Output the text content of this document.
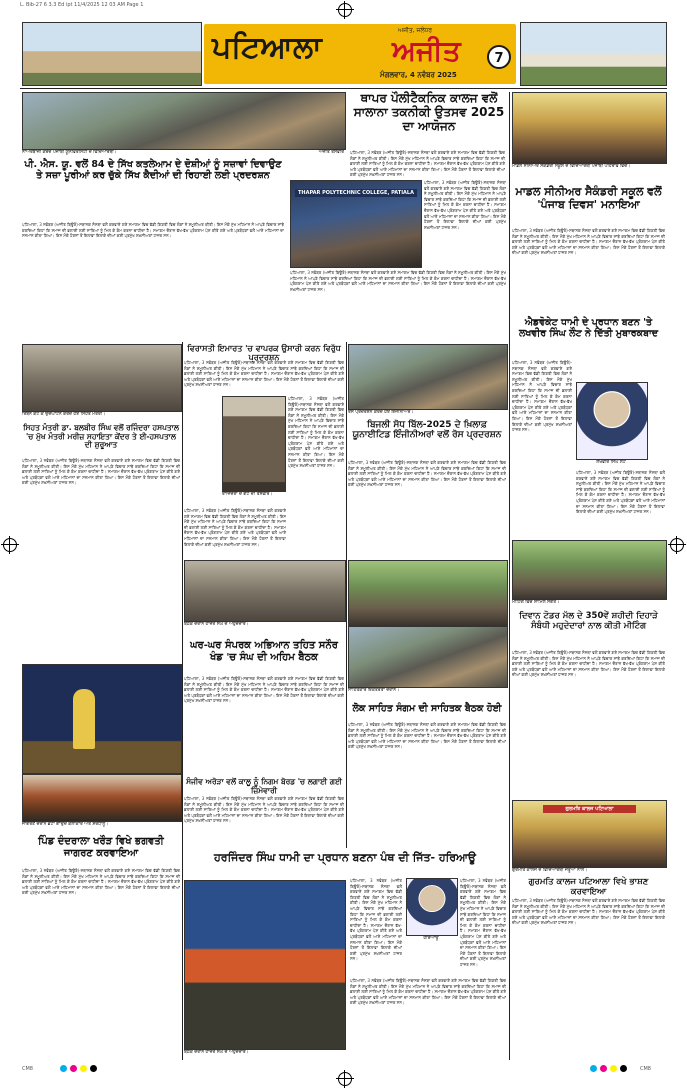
L. Bib-27 6 3.3 Ed ipt 11/4/2025 12 03 AM Page 1
ਪਟਿਆਲਾ	ਅਜੀਤ, ਜਲੰਧਰ
ਅਜੀਤ
ਮੰਗਲਵਾਰ, 4 ਨਵੰਬਰ 2025
7
ਨਾਅਰੇਬਾਜ਼ੀ ਕਰਦੇ ਪੰਜਾਬੀ ਯੂਨੀਵਰਸਿਟੀ ਦੇ ਵਿਦਿਆਰਥੀ।	ਅਜੀਤ ਤਸਵੀਰ
ਥਾਪਰ ਪੌਲੀਟੈਕਨਿਕ ਕਾਲਜ ਵਲੋਂ ਸਾਲਾਨਾ ਤਕਨੀਕੀ ਉਤਸਵ 2025 ਦਾ ਆਯੋਜਨ
ਪਟਿਆਲਾ, 3 ਨਵੰਬਰ (ਅਜੀਤ ਬਿਊਰੋ)-ਸਥਾਨਕ ਸੰਸਥਾ ਵਲੋਂ ਕਰਵਾਏ ਗਏ ਸਮਾਗਮ ਵਿਚ ਵੱਡੀ ਗਿਣਤੀ ਵਿਚ ਲੋਕਾਂ ਨੇ ਸ਼ਮੂਲੀਅਤ ਕੀਤੀ। ਇਸ ਮੌਕੇ ਮੁੱਖ ਮਹਿਮਾਨ ਨੇ ਆਪਣੇ ਵਿਚਾਰ ਸਾਂਝੇ ਕਰਦਿਆਂ ਕਿਹਾ ਕਿ ਸਮਾਜ ਦੀ ਭਲਾਈ ਲਈ ਸਾਰਿਆਂ ਨੂੰ ਮਿਲ ਕੇ ਕੰਮ ਕਰਨਾ ਚਾਹੀਦਾ ਹੈ। ਸਮਾਗਮ ਦੌਰਾਨ ਵੱਖ-ਵੱਖ ਪ੍ਰੋਗਰਾਮ ਪੇਸ਼ ਕੀਤੇ ਗਏ ਅਤੇ ਪ੍ਰਬੰਧਕਾਂ ਵਲੋਂ ਆਏ ਮਹਿਮਾਨਾਂ ਦਾ ਸਨਮਾਨ ਕੀਤਾ ਗਿਆ। ਇਸ ਮੌਕੇ ਹੋਰਨਾਂ ਤੋਂ ਇਲਾਵਾ ਇਲਾਕੇ ਦੀਆਂ ਕਈ ਪ੍ਰਮੁੱਖ ਸ਼ਖ਼ਸੀਅਤਾਂ ਹਾਜ਼ਰ ਸਨ।
THAPAR POLYTECHNIC COLLEGE, PATIALA
ਪਟਿਆਲਾ, 3 ਨਵੰਬਰ (ਅਜੀਤ ਬਿਊਰੋ)-ਸਥਾਨਕ ਸੰਸਥਾ ਵਲੋਂ ਕਰਵਾਏ ਗਏ ਸਮਾਗਮ ਵਿਚ ਵੱਡੀ ਗਿਣਤੀ ਵਿਚ ਲੋਕਾਂ ਨੇ ਸ਼ਮੂਲੀਅਤ ਕੀਤੀ। ਇਸ ਮੌਕੇ ਮੁੱਖ ਮਹਿਮਾਨ ਨੇ ਆਪਣੇ ਵਿਚਾਰ ਸਾਂਝੇ ਕਰਦਿਆਂ ਕਿਹਾ ਕਿ ਸਮਾਜ ਦੀ ਭਲਾਈ ਲਈ ਸਾਰਿਆਂ ਨੂੰ ਮਿਲ ਕੇ ਕੰਮ ਕਰਨਾ ਚਾਹੀਦਾ ਹੈ। ਸਮਾਗਮ ਦੌਰਾਨ ਵੱਖ-ਵੱਖ ਪ੍ਰੋਗਰਾਮ ਪੇਸ਼ ਕੀਤੇ ਗਏ ਅਤੇ ਪ੍ਰਬੰਧਕਾਂ ਵਲੋਂ ਆਏ ਮਹਿਮਾਨਾਂ ਦਾ ਸਨਮਾਨ ਕੀਤਾ ਗਿਆ। ਇਸ ਮੌਕੇ ਹੋਰਨਾਂ ਤੋਂ ਇਲਾਵਾ ਇਲਾਕੇ ਦੀਆਂ ਕਈ ਪ੍ਰਮੁੱਖ ਸ਼ਖ਼ਸੀਅਤਾਂ ਹਾਜ਼ਰ ਸਨ।
ਪਟਿਆਲਾ, 3 ਨਵੰਬਰ (ਅਜੀਤ ਬਿਊਰੋ)-ਸਥਾਨਕ ਸੰਸਥਾ ਵਲੋਂ ਕਰਵਾਏ ਗਏ ਸਮਾਗਮ ਵਿਚ ਵੱਡੀ ਗਿਣਤੀ ਵਿਚ ਲੋਕਾਂ ਨੇ ਸ਼ਮੂਲੀਅਤ ਕੀਤੀ। ਇਸ ਮੌਕੇ ਮੁੱਖ ਮਹਿਮਾਨ ਨੇ ਆਪਣੇ ਵਿਚਾਰ ਸਾਂਝੇ ਕਰਦਿਆਂ ਕਿਹਾ ਕਿ ਸਮਾਜ ਦੀ ਭਲਾਈ ਲਈ ਸਾਰਿਆਂ ਨੂੰ ਮਿਲ ਕੇ ਕੰਮ ਕਰਨਾ ਚਾਹੀਦਾ ਹੈ। ਸਮਾਗਮ ਦੌਰਾਨ ਵੱਖ-ਵੱਖ ਪ੍ਰੋਗਰਾਮ ਪੇਸ਼ ਕੀਤੇ ਗਏ ਅਤੇ ਪ੍ਰਬੰਧਕਾਂ ਵਲੋਂ ਆਏ ਮਹਿਮਾਨਾਂ ਦਾ ਸਨਮਾਨ ਕੀਤਾ ਗਿਆ। ਇਸ ਮੌਕੇ ਹੋਰਨਾਂ ਤੋਂ ਇਲਾਵਾ ਇਲਾਕੇ ਦੀਆਂ ਕਈ ਪ੍ਰਮੁੱਖ ਸ਼ਖ਼ਸੀਅਤਾਂ ਹਾਜ਼ਰ ਸਨ।
ਮਾਡਲ ਸੀਨੀਅਰ ਸੈਕੰਡਰੀ ਸਕੂਲ ਦੇ ਵਿਦਿਆਰਥੀ ਪੰਜਾਬੀ ਪਹਿਰਾਵੇ ਵਿਚ।
ਮਾਡਲ ਸੀਨੀਅਰ ਸੈਕੰਡਰੀ ਸਕੂਲ ਵਲੋਂ 'ਪੰਜਾਬ ਦਿਵਸ' ਮਨਾਇਆ
ਪਟਿਆਲਾ, 3 ਨਵੰਬਰ (ਅਜੀਤ ਬਿਊਰੋ)-ਸਥਾਨਕ ਸੰਸਥਾ ਵਲੋਂ ਕਰਵਾਏ ਗਏ ਸਮਾਗਮ ਵਿਚ ਵੱਡੀ ਗਿਣਤੀ ਵਿਚ ਲੋਕਾਂ ਨੇ ਸ਼ਮੂਲੀਅਤ ਕੀਤੀ। ਇਸ ਮੌਕੇ ਮੁੱਖ ਮਹਿਮਾਨ ਨੇ ਆਪਣੇ ਵਿਚਾਰ ਸਾਂਝੇ ਕਰਦਿਆਂ ਕਿਹਾ ਕਿ ਸਮਾਜ ਦੀ ਭਲਾਈ ਲਈ ਸਾਰਿਆਂ ਨੂੰ ਮਿਲ ਕੇ ਕੰਮ ਕਰਨਾ ਚਾਹੀਦਾ ਹੈ। ਸਮਾਗਮ ਦੌਰਾਨ ਵੱਖ-ਵੱਖ ਪ੍ਰੋਗਰਾਮ ਪੇਸ਼ ਕੀਤੇ ਗਏ ਅਤੇ ਪ੍ਰਬੰਧਕਾਂ ਵਲੋਂ ਆਏ ਮਹਿਮਾਨਾਂ ਦਾ ਸਨਮਾਨ ਕੀਤਾ ਗਿਆ। ਇਸ ਮੌਕੇ ਹੋਰਨਾਂ ਤੋਂ ਇਲਾਵਾ ਇਲਾਕੇ ਦੀਆਂ ਕਈ ਪ੍ਰਮੁੱਖ ਸ਼ਖ਼ਸੀਅਤਾਂ ਹਾਜ਼ਰ ਸਨ।
ਪੀ. ਐਸ. ਯੂ. ਵਲੋਂ 84 ਦੇ ਸਿੱਖ ਕਤਲੇਆਮ ਦੇ ਦੋਸ਼ੀਆਂ ਨੂੰ ਸਜ਼ਾਵਾਂ ਦਿਵਾਉਣ ਤੇ ਸਜ਼ਾ ਪੂਰੀਆਂ ਕਰ ਚੁੱਕੇ ਸਿੱਖ ਕੈਦੀਆਂ ਦੀ ਰਿਹਾਈ ਲਈ ਪ੍ਰਦਰਸ਼ਨ
ਪਟਿਆਲਾ, 3 ਨਵੰਬਰ (ਅਜੀਤ ਬਿਊਰੋ)-ਸਥਾਨਕ ਸੰਸਥਾ ਵਲੋਂ ਕਰਵਾਏ ਗਏ ਸਮਾਗਮ ਵਿਚ ਵੱਡੀ ਗਿਣਤੀ ਵਿਚ ਲੋਕਾਂ ਨੇ ਸ਼ਮੂਲੀਅਤ ਕੀਤੀ। ਇਸ ਮੌਕੇ ਮੁੱਖ ਮਹਿਮਾਨ ਨੇ ਆਪਣੇ ਵਿਚਾਰ ਸਾਂਝੇ ਕਰਦਿਆਂ ਕਿਹਾ ਕਿ ਸਮਾਜ ਦੀ ਭਲਾਈ ਲਈ ਸਾਰਿਆਂ ਨੂੰ ਮਿਲ ਕੇ ਕੰਮ ਕਰਨਾ ਚਾਹੀਦਾ ਹੈ। ਸਮਾਗਮ ਦੌਰਾਨ ਵੱਖ-ਵੱਖ ਪ੍ਰੋਗਰਾਮ ਪੇਸ਼ ਕੀਤੇ ਗਏ ਅਤੇ ਪ੍ਰਬੰਧਕਾਂ ਵਲੋਂ ਆਏ ਮਹਿਮਾਨਾਂ ਦਾ ਸਨਮਾਨ ਕੀਤਾ ਗਿਆ। ਇਸ ਮੌਕੇ ਹੋਰਨਾਂ ਤੋਂ ਇਲਾਵਾ ਇਲਾਕੇ ਦੀਆਂ ਕਈ ਪ੍ਰਮੁੱਖ ਸ਼ਖ਼ਸੀਅਤਾਂ ਹਾਜ਼ਰ ਸਨ।
ਰਿਬਨ ਕੱਟ ਕੇ ਉਦਘਾਟਨ ਕਰਦੇ ਹੋਏ ਸਿਹਤ ਮੰਤਰੀ।
ਸਿਹਤ ਮੰਤਰੀ ਡਾ. ਬਲਬੀਰ ਸਿੰਘ ਵਲੋਂ ਰਜਿੰਦਰਾ ਹਸਪਤਾਲ 'ਚ ਮੁੱਖ ਮੰਤਰੀ ਮਰੀਜ਼ ਸਹਾਇਤਾ ਕੇਂਦਰ ਤੇ ਈ-ਹਸਪਤਾਲ ਦੀ ਸ਼ੁਰੂਆਤ
ਪਟਿਆਲਾ, 3 ਨਵੰਬਰ (ਅਜੀਤ ਬਿਊਰੋ)-ਸਥਾਨਕ ਸੰਸਥਾ ਵਲੋਂ ਕਰਵਾਏ ਗਏ ਸਮਾਗਮ ਵਿਚ ਵੱਡੀ ਗਿਣਤੀ ਵਿਚ ਲੋਕਾਂ ਨੇ ਸ਼ਮੂਲੀਅਤ ਕੀਤੀ। ਇਸ ਮੌਕੇ ਮੁੱਖ ਮਹਿਮਾਨ ਨੇ ਆਪਣੇ ਵਿਚਾਰ ਸਾਂਝੇ ਕਰਦਿਆਂ ਕਿਹਾ ਕਿ ਸਮਾਜ ਦੀ ਭਲਾਈ ਲਈ ਸਾਰਿਆਂ ਨੂੰ ਮਿਲ ਕੇ ਕੰਮ ਕਰਨਾ ਚਾਹੀਦਾ ਹੈ। ਸਮਾਗਮ ਦੌਰਾਨ ਵੱਖ-ਵੱਖ ਪ੍ਰੋਗਰਾਮ ਪੇਸ਼ ਕੀਤੇ ਗਏ ਅਤੇ ਪ੍ਰਬੰਧਕਾਂ ਵਲੋਂ ਆਏ ਮਹਿਮਾਨਾਂ ਦਾ ਸਨਮਾਨ ਕੀਤਾ ਗਿਆ। ਇਸ ਮੌਕੇ ਹੋਰਨਾਂ ਤੋਂ ਇਲਾਵਾ ਇਲਾਕੇ ਦੀਆਂ ਕਈ ਪ੍ਰਮੁੱਖ ਸ਼ਖ਼ਸੀਅਤਾਂ ਹਾਜ਼ਰ ਸਨ।
ਵਿਰਾਸਤੀ ਇਮਾਰਤ 'ਚ ਵਾਪਰਕ ਉਸਾਰੀ ਕਰਨ ਵਿਰੁੱਧ ਪ੍ਰਦਰਸ਼ਨ
ਪਟਿਆਲਾ, 3 ਨਵੰਬਰ (ਅਜੀਤ ਬਿਊਰੋ)-ਸਥਾਨਕ ਸੰਸਥਾ ਵਲੋਂ ਕਰਵਾਏ ਗਏ ਸਮਾਗਮ ਵਿਚ ਵੱਡੀ ਗਿਣਤੀ ਵਿਚ ਲੋਕਾਂ ਨੇ ਸ਼ਮੂਲੀਅਤ ਕੀਤੀ। ਇਸ ਮੌਕੇ ਮੁੱਖ ਮਹਿਮਾਨ ਨੇ ਆਪਣੇ ਵਿਚਾਰ ਸਾਂਝੇ ਕਰਦਿਆਂ ਕਿਹਾ ਕਿ ਸਮਾਜ ਦੀ ਭਲਾਈ ਲਈ ਸਾਰਿਆਂ ਨੂੰ ਮਿਲ ਕੇ ਕੰਮ ਕਰਨਾ ਚਾਹੀਦਾ ਹੈ। ਸਮਾਗਮ ਦੌਰਾਨ ਵੱਖ-ਵੱਖ ਪ੍ਰੋਗਰਾਮ ਪੇਸ਼ ਕੀਤੇ ਗਏ ਅਤੇ ਪ੍ਰਬੰਧਕਾਂ ਵਲੋਂ ਆਏ ਮਹਿਮਾਨਾਂ ਦਾ ਸਨਮਾਨ ਕੀਤਾ ਗਿਆ। ਇਸ ਮੌਕੇ ਹੋਰਨਾਂ ਤੋਂ ਇਲਾਵਾ ਇਲਾਕੇ ਦੀਆਂ ਕਈ ਪ੍ਰਮੁੱਖ ਸ਼ਖ਼ਸੀਅਤਾਂ ਹਾਜ਼ਰ ਸਨ।
ਰਾਜਿੰਦਰਾ ਦੇ ਗੇਟ ਦੀ ਤਸਵੀਰ।
ਪਟਿਆਲਾ, 3 ਨਵੰਬਰ (ਅਜੀਤ ਬਿਊਰੋ)-ਸਥਾਨਕ ਸੰਸਥਾ ਵਲੋਂ ਕਰਵਾਏ ਗਏ ਸਮਾਗਮ ਵਿਚ ਵੱਡੀ ਗਿਣਤੀ ਵਿਚ ਲੋਕਾਂ ਨੇ ਸ਼ਮੂਲੀਅਤ ਕੀਤੀ। ਇਸ ਮੌਕੇ ਮੁੱਖ ਮਹਿਮਾਨ ਨੇ ਆਪਣੇ ਵਿਚਾਰ ਸਾਂਝੇ ਕਰਦਿਆਂ ਕਿਹਾ ਕਿ ਸਮਾਜ ਦੀ ਭਲਾਈ ਲਈ ਸਾਰਿਆਂ ਨੂੰ ਮਿਲ ਕੇ ਕੰਮ ਕਰਨਾ ਚਾਹੀਦਾ ਹੈ। ਸਮਾਗਮ ਦੌਰਾਨ ਵੱਖ-ਵੱਖ ਪ੍ਰੋਗਰਾਮ ਪੇਸ਼ ਕੀਤੇ ਗਏ ਅਤੇ ਪ੍ਰਬੰਧਕਾਂ ਵਲੋਂ ਆਏ ਮਹਿਮਾਨਾਂ ਦਾ ਸਨਮਾਨ ਕੀਤਾ ਗਿਆ। ਇਸ ਮੌਕੇ ਹੋਰਨਾਂ ਤੋਂ ਇਲਾਵਾ ਇਲਾਕੇ ਦੀਆਂ ਕਈ ਪ੍ਰਮੁੱਖ ਸ਼ਖ਼ਸੀਅਤਾਂ ਹਾਜ਼ਰ ਸਨ।
ਪਟਿਆਲਾ, 3 ਨਵੰਬਰ (ਅਜੀਤ ਬਿਊਰੋ)-ਸਥਾਨਕ ਸੰਸਥਾ ਵਲੋਂ ਕਰਵਾਏ ਗਏ ਸਮਾਗਮ ਵਿਚ ਵੱਡੀ ਗਿਣਤੀ ਵਿਚ ਲੋਕਾਂ ਨੇ ਸ਼ਮੂਲੀਅਤ ਕੀਤੀ। ਇਸ ਮੌਕੇ ਮੁੱਖ ਮਹਿਮਾਨ ਨੇ ਆਪਣੇ ਵਿਚਾਰ ਸਾਂਝੇ ਕਰਦਿਆਂ ਕਿਹਾ ਕਿ ਸਮਾਜ ਦੀ ਭਲਾਈ ਲਈ ਸਾਰਿਆਂ ਨੂੰ ਮਿਲ ਕੇ ਕੰਮ ਕਰਨਾ ਚਾਹੀਦਾ ਹੈ। ਸਮਾਗਮ ਦੌਰਾਨ ਵੱਖ-ਵੱਖ ਪ੍ਰੋਗਰਾਮ ਪੇਸ਼ ਕੀਤੇ ਗਏ ਅਤੇ ਪ੍ਰਬੰਧਕਾਂ ਵਲੋਂ ਆਏ ਮਹਿਮਾਨਾਂ ਦਾ ਸਨਮਾਨ ਕੀਤਾ ਗਿਆ। ਇਸ ਮੌਕੇ ਹੋਰਨਾਂ ਤੋਂ ਇਲਾਵਾ ਇਲਾਕੇ ਦੀਆਂ ਕਈ ਪ੍ਰਮੁੱਖ ਸ਼ਖ਼ਸੀਅਤਾਂ ਹਾਜ਼ਰ ਸਨ।
ਰੋਸ ਪ੍ਰਦਰਸ਼ਨ ਕਰਦੇ ਹੋਏ ਇੰਜੀਨੀਅਰ।
ਬਿਜਲੀ ਸੋਧ ਬਿੱਲ-2025 ਦੇ ਖ਼ਿਲਾਫ਼ ਯੂਨਾਈਟਿਡ ਇੰਜੀਨੀਅਰਾਂ ਵਲੋਂ ਰੋਸ ਪ੍ਰਦਰਸ਼ਨ
ਪਟਿਆਲਾ, 3 ਨਵੰਬਰ (ਅਜੀਤ ਬਿਊਰੋ)-ਸਥਾਨਕ ਸੰਸਥਾ ਵਲੋਂ ਕਰਵਾਏ ਗਏ ਸਮਾਗਮ ਵਿਚ ਵੱਡੀ ਗਿਣਤੀ ਵਿਚ ਲੋਕਾਂ ਨੇ ਸ਼ਮੂਲੀਅਤ ਕੀਤੀ। ਇਸ ਮੌਕੇ ਮੁੱਖ ਮਹਿਮਾਨ ਨੇ ਆਪਣੇ ਵਿਚਾਰ ਸਾਂਝੇ ਕਰਦਿਆਂ ਕਿਹਾ ਕਿ ਸਮਾਜ ਦੀ ਭਲਾਈ ਲਈ ਸਾਰਿਆਂ ਨੂੰ ਮਿਲ ਕੇ ਕੰਮ ਕਰਨਾ ਚਾਹੀਦਾ ਹੈ। ਸਮਾਗਮ ਦੌਰਾਨ ਵੱਖ-ਵੱਖ ਪ੍ਰੋਗਰਾਮ ਪੇਸ਼ ਕੀਤੇ ਗਏ ਅਤੇ ਪ੍ਰਬੰਧਕਾਂ ਵਲੋਂ ਆਏ ਮਹਿਮਾਨਾਂ ਦਾ ਸਨਮਾਨ ਕੀਤਾ ਗਿਆ। ਇਸ ਮੌਕੇ ਹੋਰਨਾਂ ਤੋਂ ਇਲਾਵਾ ਇਲਾਕੇ ਦੀਆਂ ਕਈ ਪ੍ਰਮੁੱਖ ਸ਼ਖ਼ਸੀਅਤਾਂ ਹਾਜ਼ਰ ਸਨ।
ਐਡਵੋਕੇਟ ਧਾਮੀ ਦੇ ਪ੍ਰਧਾਨ ਬਣਨ 'ਤੇ ਲਖਵੀਰ ਸਿੰਘ ਲੌਟ ਨੇ ਦਿੱਤੀ ਮੁਬਾਰਕਬਾਦ
ਪਟਿਆਲਾ, 3 ਨਵੰਬਰ (ਅਜੀਤ ਬਿਊਰੋ)-ਸਥਾਨਕ ਸੰਸਥਾ ਵਲੋਂ ਕਰਵਾਏ ਗਏ ਸਮਾਗਮ ਵਿਚ ਵੱਡੀ ਗਿਣਤੀ ਵਿਚ ਲੋਕਾਂ ਨੇ ਸ਼ਮੂਲੀਅਤ ਕੀਤੀ। ਇਸ ਮੌਕੇ ਮੁੱਖ ਮਹਿਮਾਨ ਨੇ ਆਪਣੇ ਵਿਚਾਰ ਸਾਂਝੇ ਕਰਦਿਆਂ ਕਿਹਾ ਕਿ ਸਮਾਜ ਦੀ ਭਲਾਈ ਲਈ ਸਾਰਿਆਂ ਨੂੰ ਮਿਲ ਕੇ ਕੰਮ ਕਰਨਾ ਚਾਹੀਦਾ ਹੈ। ਸਮਾਗਮ ਦੌਰਾਨ ਵੱਖ-ਵੱਖ ਪ੍ਰੋਗਰਾਮ ਪੇਸ਼ ਕੀਤੇ ਗਏ ਅਤੇ ਪ੍ਰਬੰਧਕਾਂ ਵਲੋਂ ਆਏ ਮਹਿਮਾਨਾਂ ਦਾ ਸਨਮਾਨ ਕੀਤਾ ਗਿਆ। ਇਸ ਮੌਕੇ ਹੋਰਨਾਂ ਤੋਂ ਇਲਾਵਾ ਇਲਾਕੇ ਦੀਆਂ ਕਈ ਪ੍ਰਮੁੱਖ ਸ਼ਖ਼ਸੀਅਤਾਂ ਹਾਜ਼ਰ ਸਨ।
ਲਖਵੀਰ ਸਿੰਘ ਲੌਟ
ਪਟਿਆਲਾ, 3 ਨਵੰਬਰ (ਅਜੀਤ ਬਿਊਰੋ)-ਸਥਾਨਕ ਸੰਸਥਾ ਵਲੋਂ ਕਰਵਾਏ ਗਏ ਸਮਾਗਮ ਵਿਚ ਵੱਡੀ ਗਿਣਤੀ ਵਿਚ ਲੋਕਾਂ ਨੇ ਸ਼ਮੂਲੀਅਤ ਕੀਤੀ। ਇਸ ਮੌਕੇ ਮੁੱਖ ਮਹਿਮਾਨ ਨੇ ਆਪਣੇ ਵਿਚਾਰ ਸਾਂਝੇ ਕਰਦਿਆਂ ਕਿਹਾ ਕਿ ਸਮਾਜ ਦੀ ਭਲਾਈ ਲਈ ਸਾਰਿਆਂ ਨੂੰ ਮਿਲ ਕੇ ਕੰਮ ਕਰਨਾ ਚਾਹੀਦਾ ਹੈ। ਸਮਾਗਮ ਦੌਰਾਨ ਵੱਖ-ਵੱਖ ਪ੍ਰੋਗਰਾਮ ਪੇਸ਼ ਕੀਤੇ ਗਏ ਅਤੇ ਪ੍ਰਬੰਧਕਾਂ ਵਲੋਂ ਆਏ ਮਹਿਮਾਨਾਂ ਦਾ ਸਨਮਾਨ ਕੀਤਾ ਗਿਆ। ਇਸ ਮੌਕੇ ਹੋਰਨਾਂ ਤੋਂ ਇਲਾਵਾ ਇਲਾਕੇ ਦੀਆਂ ਕਈ ਪ੍ਰਮੁੱਖ ਸ਼ਖ਼ਸੀਅਤਾਂ ਹਾਜ਼ਰ ਸਨ।
ਮੀਟਿੰਗ ਵਿਚ ਸ਼ਾਮਿਲ ਸੰਗਤ।
ਦਿਵਾਨ ਟੋਡਰ ਮੱਲ ਦੇ 350ਵੇਂ ਸ਼ਹੀਦੀ ਦਿਹਾੜੇ ਸੰਬੰਧੀ ਮਹੁਦੇਦਾਰਾਂ ਨਾਲ ਕੀਤੀ ਮੀਟਿੰਗ
ਪਟਿਆਲਾ, 3 ਨਵੰਬਰ (ਅਜੀਤ ਬਿਊਰੋ)-ਸਥਾਨਕ ਸੰਸਥਾ ਵਲੋਂ ਕਰਵਾਏ ਗਏ ਸਮਾਗਮ ਵਿਚ ਵੱਡੀ ਗਿਣਤੀ ਵਿਚ ਲੋਕਾਂ ਨੇ ਸ਼ਮੂਲੀਅਤ ਕੀਤੀ। ਇਸ ਮੌਕੇ ਮੁੱਖ ਮਹਿਮਾਨ ਨੇ ਆਪਣੇ ਵਿਚਾਰ ਸਾਂਝੇ ਕਰਦਿਆਂ ਕਿਹਾ ਕਿ ਸਮਾਜ ਦੀ ਭਲਾਈ ਲਈ ਸਾਰਿਆਂ ਨੂੰ ਮਿਲ ਕੇ ਕੰਮ ਕਰਨਾ ਚਾਹੀਦਾ ਹੈ। ਸਮਾਗਮ ਦੌਰਾਨ ਵੱਖ-ਵੱਖ ਪ੍ਰੋਗਰਾਮ ਪੇਸ਼ ਕੀਤੇ ਗਏ ਅਤੇ ਪ੍ਰਬੰਧਕਾਂ ਵਲੋਂ ਆਏ ਮਹਿਮਾਨਾਂ ਦਾ ਸਨਮਾਨ ਕੀਤਾ ਗਿਆ। ਇਸ ਮੌਕੇ ਹੋਰਨਾਂ ਤੋਂ ਇਲਾਵਾ ਇਲਾਕੇ ਦੀਆਂ ਕਈ ਪ੍ਰਮੁੱਖ ਸ਼ਖ਼ਸੀਅਤਾਂ ਹਾਜ਼ਰ ਸਨ।
ਜਾਗਰਣ ਦੌਰਾਨ ਭੇਟਾਂ ਗਾਉਂਦੇ ਕਲਾਕਾਰ ਅਤੇ ਸ਼ਰਧਾਲੂ।
ਪਿੰਡ ਦੰਦਰਾਲਾ ਖਰੌੜ ਵਿਖੇ ਭਗਵਤੀ ਜਾਗਰਣ ਕਰਵਾਇਆ
ਪਟਿਆਲਾ, 3 ਨਵੰਬਰ (ਅਜੀਤ ਬਿਊਰੋ)-ਸਥਾਨਕ ਸੰਸਥਾ ਵਲੋਂ ਕਰਵਾਏ ਗਏ ਸਮਾਗਮ ਵਿਚ ਵੱਡੀ ਗਿਣਤੀ ਵਿਚ ਲੋਕਾਂ ਨੇ ਸ਼ਮੂਲੀਅਤ ਕੀਤੀ। ਇਸ ਮੌਕੇ ਮੁੱਖ ਮਹਿਮਾਨ ਨੇ ਆਪਣੇ ਵਿਚਾਰ ਸਾਂਝੇ ਕਰਦਿਆਂ ਕਿਹਾ ਕਿ ਸਮਾਜ ਦੀ ਭਲਾਈ ਲਈ ਸਾਰਿਆਂ ਨੂੰ ਮਿਲ ਕੇ ਕੰਮ ਕਰਨਾ ਚਾਹੀਦਾ ਹੈ। ਸਮਾਗਮ ਦੌਰਾਨ ਵੱਖ-ਵੱਖ ਪ੍ਰੋਗਰਾਮ ਪੇਸ਼ ਕੀਤੇ ਗਏ ਅਤੇ ਪ੍ਰਬੰਧਕਾਂ ਵਲੋਂ ਆਏ ਮਹਿਮਾਨਾਂ ਦਾ ਸਨਮਾਨ ਕੀਤਾ ਗਿਆ। ਇਸ ਮੌਕੇ ਹੋਰਨਾਂ ਤੋਂ ਇਲਾਵਾ ਇਲਾਕੇ ਦੀਆਂ ਕਈ ਪ੍ਰਮੁੱਖ ਸ਼ਖ਼ਸੀਅਤਾਂ ਹਾਜ਼ਰ ਸਨ।
ਬੈਠਕ ਦੌਰਾਨ ਹਾਜ਼ਰ ਸੰਘ ਦੇ ਅਹੁਦੇਦਾਰ।
ਘਰ-ਘਰ ਸੰਪਰਕ ਅਭਿਆਨ ਤਹਿਤ ਸਨੌਰ ਖੰਡ 'ਚ ਸੰਘ ਦੀ ਅਹਿਮ ਬੈਠਕ
ਪਟਿਆਲਾ, 3 ਨਵੰਬਰ (ਅਜੀਤ ਬਿਊਰੋ)-ਸਥਾਨਕ ਸੰਸਥਾ ਵਲੋਂ ਕਰਵਾਏ ਗਏ ਸਮਾਗਮ ਵਿਚ ਵੱਡੀ ਗਿਣਤੀ ਵਿਚ ਲੋਕਾਂ ਨੇ ਸ਼ਮੂਲੀਅਤ ਕੀਤੀ। ਇਸ ਮੌਕੇ ਮੁੱਖ ਮਹਿਮਾਨ ਨੇ ਆਪਣੇ ਵਿਚਾਰ ਸਾਂਝੇ ਕਰਦਿਆਂ ਕਿਹਾ ਕਿ ਸਮਾਜ ਦੀ ਭਲਾਈ ਲਈ ਸਾਰਿਆਂ ਨੂੰ ਮਿਲ ਕੇ ਕੰਮ ਕਰਨਾ ਚਾਹੀਦਾ ਹੈ। ਸਮਾਗਮ ਦੌਰਾਨ ਵੱਖ-ਵੱਖ ਪ੍ਰੋਗਰਾਮ ਪੇਸ਼ ਕੀਤੇ ਗਏ ਅਤੇ ਪ੍ਰਬੰਧਕਾਂ ਵਲੋਂ ਆਏ ਮਹਿਮਾਨਾਂ ਦਾ ਸਨਮਾਨ ਕੀਤਾ ਗਿਆ। ਇਸ ਮੌਕੇ ਹੋਰਨਾਂ ਤੋਂ ਇਲਾਵਾ ਇਲਾਕੇ ਦੀਆਂ ਕਈ ਪ੍ਰਮੁੱਖ ਸ਼ਖ਼ਸੀਅਤਾਂ ਹਾਜ਼ਰ ਸਨ।
ਸੰਜੀਵ ਅਰੋੜਾ ਵਲੋਂ ਕਾਲੂ ਨੂੰ ਨਿਗਮ ਬੋਰਡ 'ਚ ਲਗਾਈ ਗਈ ਜ਼ਿੰਮੇਵਾਰੀ
ਪਟਿਆਲਾ, 3 ਨਵੰਬਰ (ਅਜੀਤ ਬਿਊਰੋ)-ਸਥਾਨਕ ਸੰਸਥਾ ਵਲੋਂ ਕਰਵਾਏ ਗਏ ਸਮਾਗਮ ਵਿਚ ਵੱਡੀ ਗਿਣਤੀ ਵਿਚ ਲੋਕਾਂ ਨੇ ਸ਼ਮੂਲੀਅਤ ਕੀਤੀ। ਇਸ ਮੌਕੇ ਮੁੱਖ ਮਹਿਮਾਨ ਨੇ ਆਪਣੇ ਵਿਚਾਰ ਸਾਂਝੇ ਕਰਦਿਆਂ ਕਿਹਾ ਕਿ ਸਮਾਜ ਦੀ ਭਲਾਈ ਲਈ ਸਾਰਿਆਂ ਨੂੰ ਮਿਲ ਕੇ ਕੰਮ ਕਰਨਾ ਚਾਹੀਦਾ ਹੈ। ਸਮਾਗਮ ਦੌਰਾਨ ਵੱਖ-ਵੱਖ ਪ੍ਰੋਗਰਾਮ ਪੇਸ਼ ਕੀਤੇ ਗਏ ਅਤੇ ਪ੍ਰਬੰਧਕਾਂ ਵਲੋਂ ਆਏ ਮਹਿਮਾਨਾਂ ਦਾ ਸਨਮਾਨ ਕੀਤਾ ਗਿਆ। ਇਸ ਮੌਕੇ ਹੋਰਨਾਂ ਤੋਂ ਇਲਾਵਾ ਇਲਾਕੇ ਦੀਆਂ ਕਈ ਪ੍ਰਮੁੱਖ ਸ਼ਖ਼ਸੀਅਤਾਂ ਹਾਜ਼ਰ ਸਨ।
ਸਾਹਿਤਕਾਰ ਇਕੱਤਰਤਾ ਦੌਰਾਨ।
ਲੋਕ ਸਾਹਿਤ ਸੰਗਮ ਦੀ ਸਾਹਿਤਕ ਬੈਠਕ ਹੋਈ
ਪਟਿਆਲਾ, 3 ਨਵੰਬਰ (ਅਜੀਤ ਬਿਊਰੋ)-ਸਥਾਨਕ ਸੰਸਥਾ ਵਲੋਂ ਕਰਵਾਏ ਗਏ ਸਮਾਗਮ ਵਿਚ ਵੱਡੀ ਗਿਣਤੀ ਵਿਚ ਲੋਕਾਂ ਨੇ ਸ਼ਮੂਲੀਅਤ ਕੀਤੀ। ਇਸ ਮੌਕੇ ਮੁੱਖ ਮਹਿਮਾਨ ਨੇ ਆਪਣੇ ਵਿਚਾਰ ਸਾਂਝੇ ਕਰਦਿਆਂ ਕਿਹਾ ਕਿ ਸਮਾਜ ਦੀ ਭਲਾਈ ਲਈ ਸਾਰਿਆਂ ਨੂੰ ਮਿਲ ਕੇ ਕੰਮ ਕਰਨਾ ਚਾਹੀਦਾ ਹੈ। ਸਮਾਗਮ ਦੌਰਾਨ ਵੱਖ-ਵੱਖ ਪ੍ਰੋਗਰਾਮ ਪੇਸ਼ ਕੀਤੇ ਗਏ ਅਤੇ ਪ੍ਰਬੰਧਕਾਂ ਵਲੋਂ ਆਏ ਮਹਿਮਾਨਾਂ ਦਾ ਸਨਮਾਨ ਕੀਤਾ ਗਿਆ। ਇਸ ਮੌਕੇ ਹੋਰਨਾਂ ਤੋਂ ਇਲਾਵਾ ਇਲਾਕੇ ਦੀਆਂ ਕਈ ਪ੍ਰਮੁੱਖ ਸ਼ਖ਼ਸੀਅਤਾਂ ਹਾਜ਼ਰ ਸਨ।
ਹਰਜਿੰਦਰ ਸਿੰਘ ਧਾਮੀ ਦਾ ਪ੍ਰਧਾਨ ਬਣਨਾ ਪੰਥ ਦੀ ਜਿੱਤ- ਹਰਿਆਊ
ਪਟਿਆਲਾ, 3 ਨਵੰਬਰ (ਅਜੀਤ ਬਿਊਰੋ)-ਸਥਾਨਕ ਸੰਸਥਾ ਵਲੋਂ ਕਰਵਾਏ ਗਏ ਸਮਾਗਮ ਵਿਚ ਵੱਡੀ ਗਿਣਤੀ ਵਿਚ ਲੋਕਾਂ ਨੇ ਸ਼ਮੂਲੀਅਤ ਕੀਤੀ। ਇਸ ਮੌਕੇ ਮੁੱਖ ਮਹਿਮਾਨ ਨੇ ਆਪਣੇ ਵਿਚਾਰ ਸਾਂਝੇ ਕਰਦਿਆਂ ਕਿਹਾ ਕਿ ਸਮਾਜ ਦੀ ਭਲਾਈ ਲਈ ਸਾਰਿਆਂ ਨੂੰ ਮਿਲ ਕੇ ਕੰਮ ਕਰਨਾ ਚਾਹੀਦਾ ਹੈ। ਸਮਾਗਮ ਦੌਰਾਨ ਵੱਖ-ਵੱਖ ਪ੍ਰੋਗਰਾਮ ਪੇਸ਼ ਕੀਤੇ ਗਏ ਅਤੇ ਪ੍ਰਬੰਧਕਾਂ ਵਲੋਂ ਆਏ ਮਹਿਮਾਨਾਂ ਦਾ ਸਨਮਾਨ ਕੀਤਾ ਗਿਆ। ਇਸ ਮੌਕੇ ਹੋਰਨਾਂ ਤੋਂ ਇਲਾਵਾ ਇਲਾਕੇ ਦੀਆਂ ਕਈ ਪ੍ਰਮੁੱਖ ਸ਼ਖ਼ਸੀਅਤਾਂ ਹਾਜ਼ਰ ਸਨ।
ਹਰਿਆਊ
ਪਟਿਆਲਾ, 3 ਨਵੰਬਰ (ਅਜੀਤ ਬਿਊਰੋ)-ਸਥਾਨਕ ਸੰਸਥਾ ਵਲੋਂ ਕਰਵਾਏ ਗਏ ਸਮਾਗਮ ਵਿਚ ਵੱਡੀ ਗਿਣਤੀ ਵਿਚ ਲੋਕਾਂ ਨੇ ਸ਼ਮੂਲੀਅਤ ਕੀਤੀ। ਇਸ ਮੌਕੇ ਮੁੱਖ ਮਹਿਮਾਨ ਨੇ ਆਪਣੇ ਵਿਚਾਰ ਸਾਂਝੇ ਕਰਦਿਆਂ ਕਿਹਾ ਕਿ ਸਮਾਜ ਦੀ ਭਲਾਈ ਲਈ ਸਾਰਿਆਂ ਨੂੰ ਮਿਲ ਕੇ ਕੰਮ ਕਰਨਾ ਚਾਹੀਦਾ ਹੈ। ਸਮਾਗਮ ਦੌਰਾਨ ਵੱਖ-ਵੱਖ ਪ੍ਰੋਗਰਾਮ ਪੇਸ਼ ਕੀਤੇ ਗਏ ਅਤੇ ਪ੍ਰਬੰਧਕਾਂ ਵਲੋਂ ਆਏ ਮਹਿਮਾਨਾਂ ਦਾ ਸਨਮਾਨ ਕੀਤਾ ਗਿਆ। ਇਸ ਮੌਕੇ ਹੋਰਨਾਂ ਤੋਂ ਇਲਾਵਾ ਇਲਾਕੇ ਦੀਆਂ ਕਈ ਪ੍ਰਮੁੱਖ ਸ਼ਖ਼ਸੀਅਤਾਂ ਹਾਜ਼ਰ ਸਨ।
ਪਟਿਆਲਾ, 3 ਨਵੰਬਰ (ਅਜੀਤ ਬਿਊਰੋ)-ਸਥਾਨਕ ਸੰਸਥਾ ਵਲੋਂ ਕਰਵਾਏ ਗਏ ਸਮਾਗਮ ਵਿਚ ਵੱਡੀ ਗਿਣਤੀ ਵਿਚ ਲੋਕਾਂ ਨੇ ਸ਼ਮੂਲੀਅਤ ਕੀਤੀ। ਇਸ ਮੌਕੇ ਮੁੱਖ ਮਹਿਮਾਨ ਨੇ ਆਪਣੇ ਵਿਚਾਰ ਸਾਂਝੇ ਕਰਦਿਆਂ ਕਿਹਾ ਕਿ ਸਮਾਜ ਦੀ ਭਲਾਈ ਲਈ ਸਾਰਿਆਂ ਨੂੰ ਮਿਲ ਕੇ ਕੰਮ ਕਰਨਾ ਚਾਹੀਦਾ ਹੈ। ਸਮਾਗਮ ਦੌਰਾਨ ਵੱਖ-ਵੱਖ ਪ੍ਰੋਗਰਾਮ ਪੇਸ਼ ਕੀਤੇ ਗਏ ਅਤੇ ਪ੍ਰਬੰਧਕਾਂ ਵਲੋਂ ਆਏ ਮਹਿਮਾਨਾਂ ਦਾ ਸਨਮਾਨ ਕੀਤਾ ਗਿਆ। ਇਸ ਮੌਕੇ ਹੋਰਨਾਂ ਤੋਂ ਇਲਾਵਾ ਇਲਾਕੇ ਦੀਆਂ ਕਈ ਪ੍ਰਮੁੱਖ ਸ਼ਖ਼ਸੀਅਤਾਂ ਹਾਜ਼ਰ ਸਨ।
ਬੈਠਕ ਦੌਰਾਨ ਹਾਜ਼ਰ ਸੰਘ ਦੇ ਅਹੁਦੇਦਾਰ।
ਗੁਰਮਤਿ ਕਾਲਜ ਪਟਿਆਲਾ
ਗੁਰਮਤਿ ਕਾਲਜ ਦੇ ਵਿਦਿਆਰਥੀ ਜੇਤੂਆਂ ਨਾਲ।
ਗੁਰਮਤਿ ਕਾਲਜ ਪਟਿਆਲਾ ਵਿਖੇ ਭਾਸ਼ਣ ਕਰਵਾਇਆ
ਪਟਿਆਲਾ, 3 ਨਵੰਬਰ (ਅਜੀਤ ਬਿਊਰੋ)-ਸਥਾਨਕ ਸੰਸਥਾ ਵਲੋਂ ਕਰਵਾਏ ਗਏ ਸਮਾਗਮ ਵਿਚ ਵੱਡੀ ਗਿਣਤੀ ਵਿਚ ਲੋਕਾਂ ਨੇ ਸ਼ਮੂਲੀਅਤ ਕੀਤੀ। ਇਸ ਮੌਕੇ ਮੁੱਖ ਮਹਿਮਾਨ ਨੇ ਆਪਣੇ ਵਿਚਾਰ ਸਾਂਝੇ ਕਰਦਿਆਂ ਕਿਹਾ ਕਿ ਸਮਾਜ ਦੀ ਭਲਾਈ ਲਈ ਸਾਰਿਆਂ ਨੂੰ ਮਿਲ ਕੇ ਕੰਮ ਕਰਨਾ ਚਾਹੀਦਾ ਹੈ। ਸਮਾਗਮ ਦੌਰਾਨ ਵੱਖ-ਵੱਖ ਪ੍ਰੋਗਰਾਮ ਪੇਸ਼ ਕੀਤੇ ਗਏ ਅਤੇ ਪ੍ਰਬੰਧਕਾਂ ਵਲੋਂ ਆਏ ਮਹਿਮਾਨਾਂ ਦਾ ਸਨਮਾਨ ਕੀਤਾ ਗਿਆ। ਇਸ ਮੌਕੇ ਹੋਰਨਾਂ ਤੋਂ ਇਲਾਵਾ ਇਲਾਕੇ ਦੀਆਂ ਕਈ ਪ੍ਰਮੁੱਖ ਸ਼ਖ਼ਸੀਅਤਾਂ ਹਾਜ਼ਰ ਸਨ।
CM8	CM8
